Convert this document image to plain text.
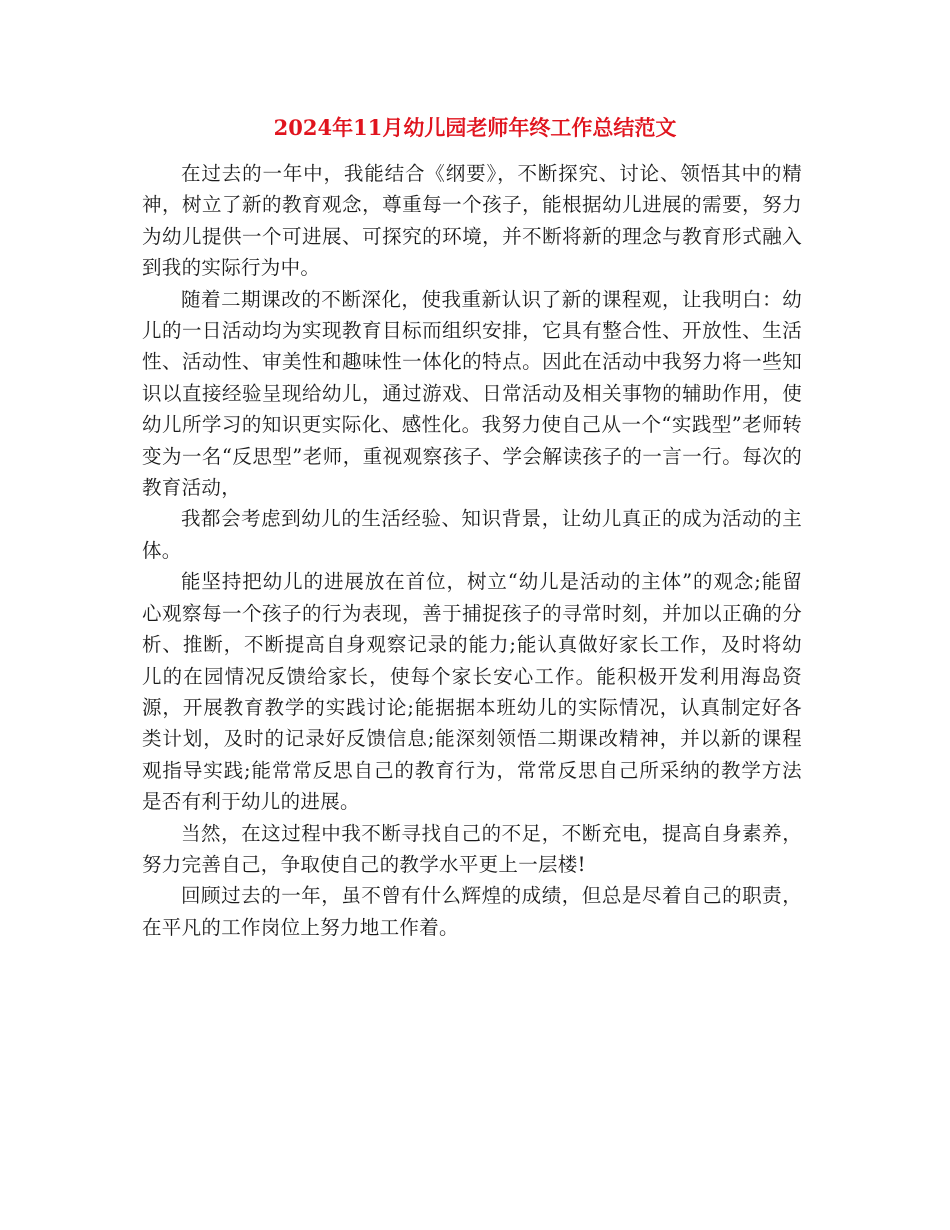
2024年11月幼儿园老师年终工作总结范文

在过去的一年中，我能结合《纲要》，不断探究、讨论、领悟其中的精神，树立了新的教育观念，尊重每一个孩子，能根据幼儿进展的需要，努力为幼儿提供一个可进展、可探究的环境，并不断将新的理念与教育形式融入到我的实际行为中。

随着二期课改的不断深化，使我重新认识了新的课程观，让我明白：幼儿的一日活动均为实现教育目标而组织安排，它具有整合性、开放性、生活性、活动性、审美性和趣味性一体化的特点。因此在活动中我努力将一些知识以直接经验呈现给幼儿，通过游戏、日常活动及相关事物的辅助作用，使幼儿所学习的知识更实际化、感性化。我努力使自己从一个“实践型”老师转变为一名“反思型”老师，重视观察孩子、学会解读孩子的一言一行。每次的教育活动，

我都会考虑到幼儿的生活经验、知识背景，让幼儿真正的成为活动的主体。

能坚持把幼儿的进展放在首位，树立“幼儿是活动的主体”的观念;能留心观察每一个孩子的行为表现，善于捕捉孩子的寻常时刻，并加以正确的分析、推断，不断提高自身观察记录的能力;能认真做好家长工作，及时将幼儿的在园情况反馈给家长，使每个家长安心工作。能积极开发利用海岛资源，开展教育教学的实践讨论;能据据本班幼儿的实际情况，认真制定好各类计划，及时的记录好反馈信息;能深刻领悟二期课改精神，并以新的课程观指导实践;能常常反思自己的教育行为，常常反思自己所采纳的教学方法是否有利于幼儿的进展。

当然，在这过程中我不断寻找自己的不足，不断充电，提高自身素养，努力完善自己，争取使自己的教学水平更上一层楼!

回顾过去的一年，虽不曾有什么辉煌的成绩，但总是尽着自己的职责，在平凡的工作岗位上努力地工作着。
